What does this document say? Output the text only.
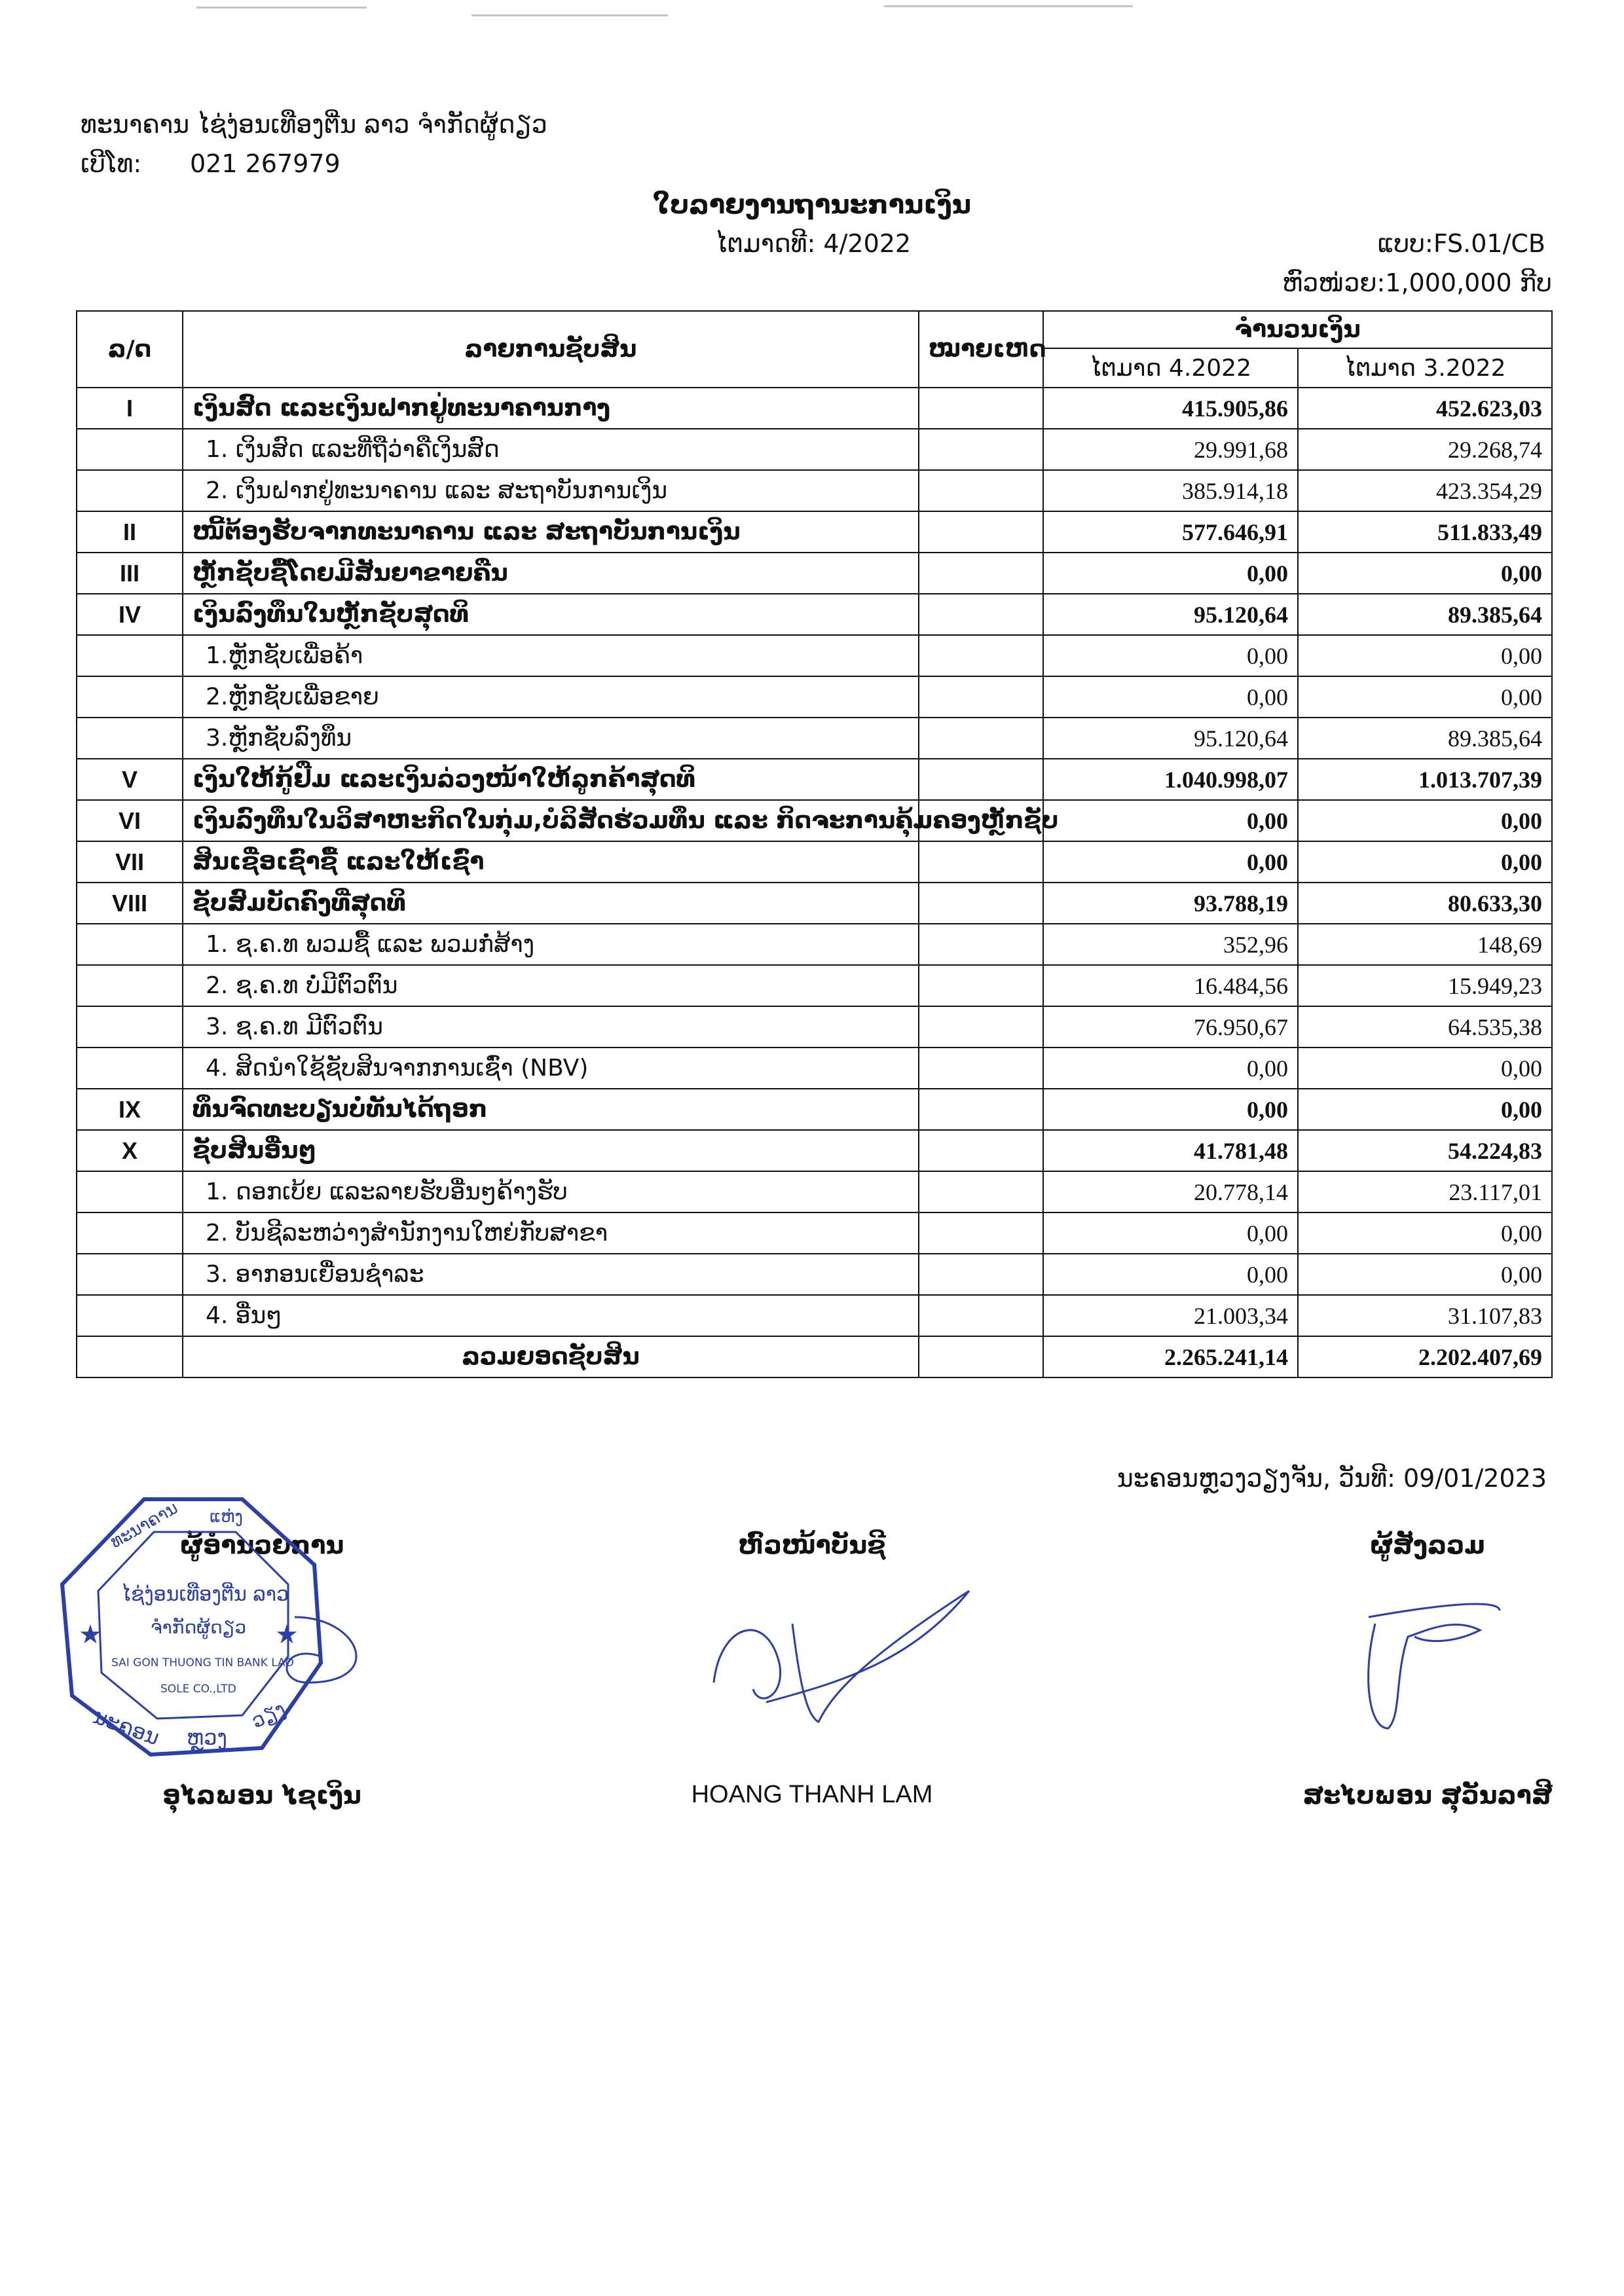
ທະນາຄານ ໄຊ່ງ່ອນເທືອງຕີ່ນ ລາວ ຈຳກັດຜູ້ດຽວ
ເບີໂທ: 021 267979
ໃບລາຍງານຖານະການເງິນ
ໄຕມາດທີ: 4/2022	ແບບ:FS.01/CB
ຫົວໜ່ວຍ:1,000,000 ກີບ
ລ/ດ	ລາຍການຊັບສິນ	ໝາຍເຫດ	ຈຳນວນເງິນ	
			ໄຕມາດ 4.2022	ໄຕມາດ 3.2022
I	ເງິນສົດ ແລະເງິນຝາກຢູ່ທະນາຄານກາງ		415.905,86	452.623,03
	1. ເງິນສົດ ແລະທີ່ຖືວ່າຄືເງິນສົດ		29.991,68	29.268,74
	2. ເງິນຝາກຢູ່ທະນາຄານ ແລະ ສະຖາບັນການເງິນ		385.914,18	423.354,29
II	ໜີ້ຕ້ອງຮັບຈາກທະນາຄານ ແລະ ສະຖາບັນການເງິນ		577.646,91	511.833,49
III	ຫຼັກຊັບຊື້ໂດຍມີສັນຍາຂາຍຄືນ		0,00	0,00
IV	ເງິນລົງທຶນໃນຫຼັກຊັບສຸດທິ		95.120,64	89.385,64
	1.ຫຼັກຊັບເພື່ອຄ້າ		0,00	0,00
	2.ຫຼັກຊັບເພື່ອຂາຍ		0,00	0,00
	3.ຫຼັກຊັບລົງທຶນ		95.120,64	89.385,64
V	ເງິນໃຫ້ກູ້ຢືມ ແລະເງິນລ່ວງໜ້າໃຫ້ລູກຄ້າສຸດທິ		1.040.998,07	1.013.707,39
VI	ເງິນລົງທຶນໃນວິສາຫະກິດໃນກຸ່ມ,ບໍລິສັດຮ່ວມທຶນ ແລະ ກິດຈະການຄຸ້ມຄອງຫຼັກຊັບ		0,00	0,00
VII	ສິນເຊື່ອເຊົ່າຊື້ ແລະໃຫ້ເຊົ່າ		0,00	0,00
VIII	ຊັບສົມບັດຄົງທີ່ສຸດທິ		93.788,19	80.633,30
	1. ຊ.ຄ.ທ ພວມຊື້ ແລະ ພວມກໍ່ສ້າງ		352,96	148,69
	2. ຊ.ຄ.ທ ບໍ່ມີຕົວຕົນ		16.484,56	15.949,23
	3. ຊ.ຄ.ທ ມີຕົວຕົນ		76.950,67	64.535,38
	4. ສິດນຳໃຊ້ຊັບສິນຈາກການເຊົ່າ (NBV)		0,00	0,00
IX	ທຶນຈົດທະບຽນບໍ່ທັນໄດ້ຖອກ		0,00	0,00
X	ຊັບສິນອື່ນໆ		41.781,48	54.224,83
	1. ດອກເບ້ຍ ແລະລາຍຮັບອື່ນໆຄ້າງຮັບ		20.778,14	23.117,01
	2. ບັນຊີລະຫວ່າງສຳນັກງານໃຫຍ່ກັບສາຂາ		0,00	0,00
	3. ອາກອນເຍື່ອນຊຳລະ		0,00	0,00
	4. ອື່ນໆ		21.003,34	31.107,83
	ລວມຍອດຊັບສິນ		2.265.241,14	2.202.407,69
ນະຄອນຫຼວງວຽງຈັນ, ວັນທີ: 09/01/2023
ຜູ້ອຳນວຍການ	ຫົວໜ້າບັນຊີ	ຜູ້ສັງລວມ
ທະນາຄານ ແຫ່ງ
ໄຊ່ງ່ອນເທືອງຕີ່ນ ລາວ
ຈຳກັດຜູ້ດຽວ
SAI GON THUONG TIN BANK LAO
SOLE CO.,LTD
ນະຄອນ ຫຼວງ
ວຽງ
★	★
ອຸໄລພອນ ໄຊເງິນ	HOANG THANH LAM	ສະໄບພອນ ສຸວັນລາສີ
